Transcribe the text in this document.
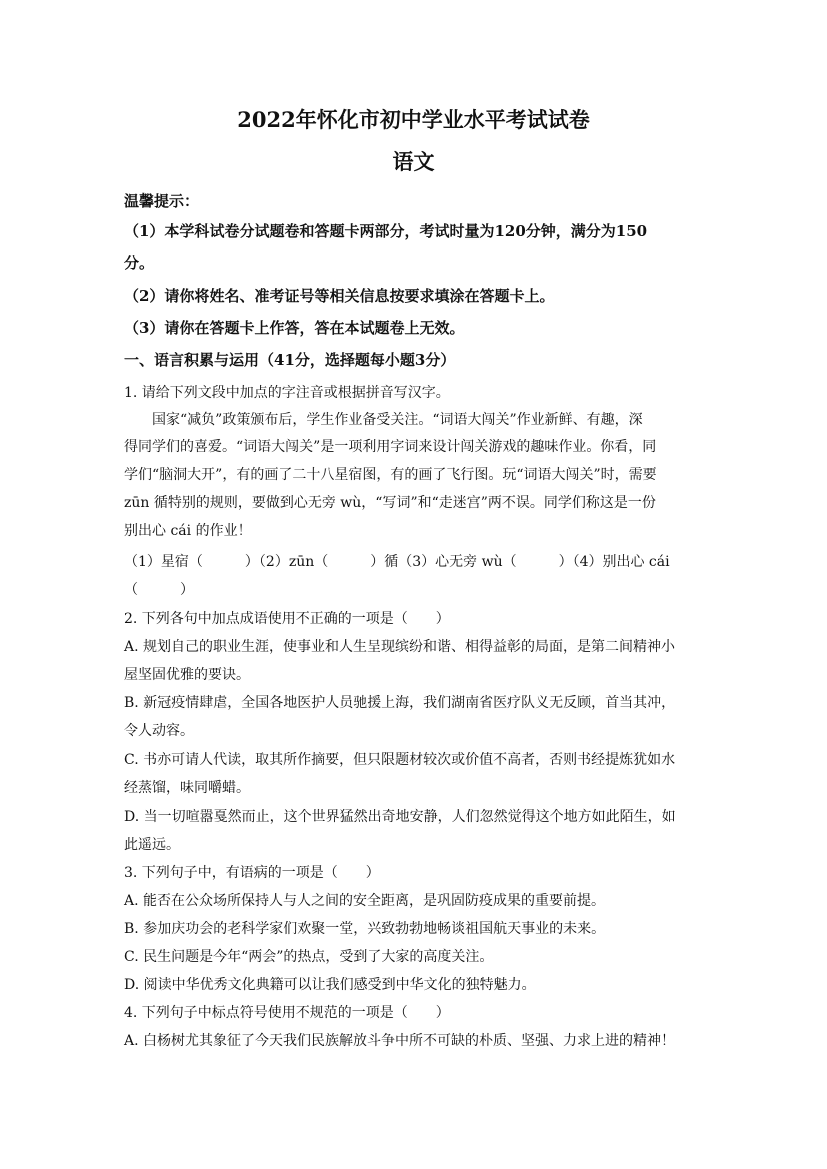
2022年怀化市初中学业水平考试试卷
语文
温馨提示：
（1）本学科试卷分试题卷和答题卡两部分，考试时量为120分钟，满分为150
分。
（2）请你将姓名、准考证号等相关信息按要求填涂在答题卡上。
（3）请你在答题卡上作答，答在本试题卷上无效。
一、语言积累与运用（41分，选择题每小题3分）
1. 请给下列文段中加点的字注音或根据拼音写汉字。
国家“减负”政策颁布后，学生作业备受关注。“词语大闯关”作业新鲜、有趣，深
得同学们的喜爱。“词语大闯关”是一项利用字词来设计闯关游戏的趣味作业。你看，同
学们“脑洞大开”，有的画了二十八星宿图，有的画了飞行图。玩“词语大闯关”时，需要
zūn 循特别的规则，要做到心无旁 wù，“写词”和“走迷宫”两不误。同学们称这是一份
别出心 cái 的作业！
（1）星宿（　　　）（2）zūn（　　　）循（3）心无旁 wù（　　　）（4）别出心 cái
（　　　）
2. 下列各句中加点成语使用不正确的一项是（　　）
A. 规划自己的职业生涯，使事业和人生呈现缤纷和谐、相得益彰的局面，是第二间精神小
屋坚固优雅的要诀。
B. 新冠疫情肆虐，全国各地医护人员驰援上海，我们湖南省医疗队义无反顾，首当其冲，
令人动容。
C. 书亦可请人代读，取其所作摘要，但只限题材较次或价值不高者，否则书经提炼犹如水
经蒸馏，味同嚼蜡。
D. 当一切喧嚣戛然而止，这个世界猛然出奇地安静，人们忽然觉得这个地方如此陌生，如
此遥远。
3. 下列句子中，有语病的一项是（　　）
A. 能否在公众场所保持人与人之间的安全距离，是巩固防疫成果的重要前提。
B. 参加庆功会的老科学家们欢聚一堂，兴致勃勃地畅谈祖国航天事业的未来。
C. 民生问题是今年“两会”的热点，受到了大家的高度关注。
D. 阅读中华优秀文化典籍可以让我们感受到中华文化的独特魅力。
4. 下列句子中标点符号使用不规范的一项是（　　）
A. 白杨树尤其象征了今天我们民族解放斗争中所不可缺的朴质、坚强、力求上进的精神！
